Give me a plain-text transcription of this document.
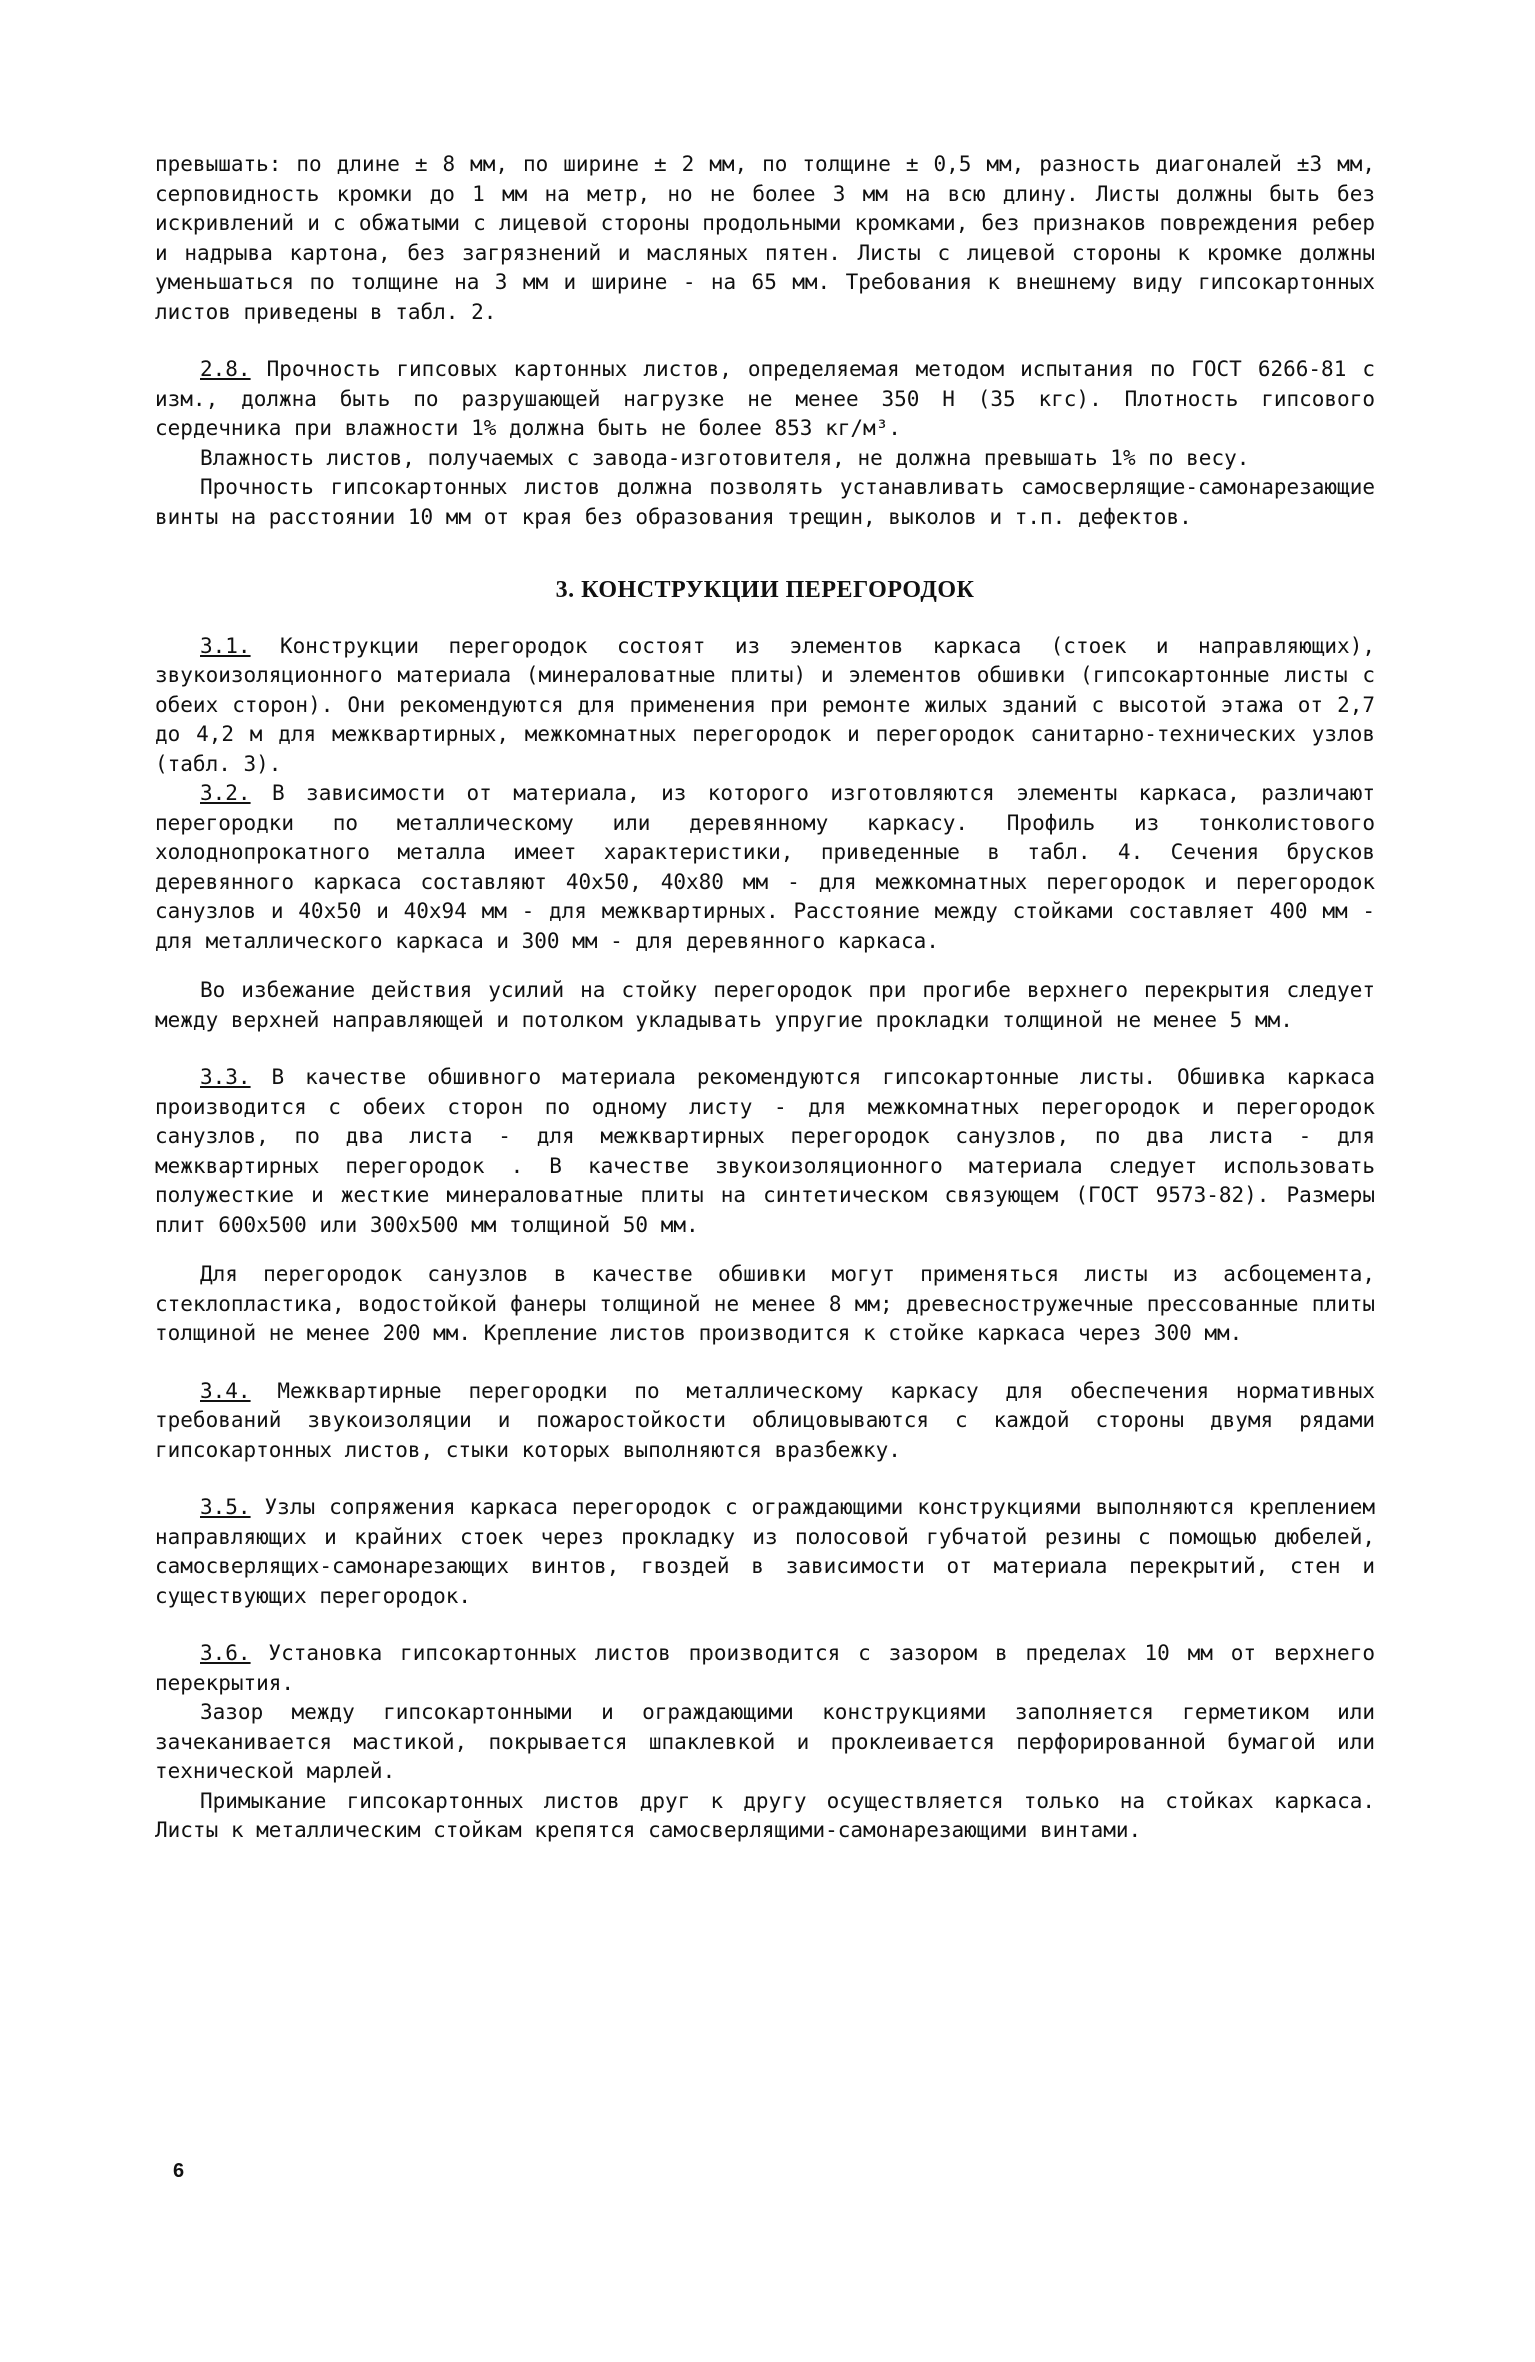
превышать: по длине ± 8 мм, по ширине ± 2 мм, по толщине ± 0,5 мм, разность диагоналей ±3 мм, серповидность кромки до 1 мм на метр, но не более 3 мм на всю длину. Листы должны быть без искривлений и с обжатыми с лицевой стороны продольными кромками, без признаков повреждения ребер и надрыва картона, без загрязнений и масляных пятен. Листы с лицевой стороны к кромке должны уменьшаться по толщине на 3 мм и ширине - на 65 мм. Требования к внешнему виду гипсокартонных листов приведены в табл. 2.

2.8. Прочность гипсовых картонных листов, определяемая методом испытания по ГОСТ 6266-81 с изм., должна быть по разрушающей нагрузке не менее 350 Н (35 кгс). Плотность гипсового сердечника при влажности 1% должна быть не более 853 кг/м³.

Влажность листов, получаемых с завода-изготовителя, не должна превышать 1% по весу.

Прочность гипсокартонных листов должна позволять устанавливать самосверлящие-самонарезающие винты на расстоянии 10 мм от края без образования трещин, выколов и т.п. дефектов.

3. КОНСТРУКЦИИ ПЕРЕГОРОДОК

3.1. Конструкции перегородок состоят из элементов каркаса (стоек и направляющих), звукоизоляционного материала (минераловатные плиты) и элементов обшивки (гипсокартонные листы с обеих сторон). Они рекомендуются для применения при ремонте жилых зданий с высотой этажа от 2,7 до 4,2 м для межквартирных, межкомнатных перегородок и перегородок санитарно-технических узлов (табл. 3).

3.2. В зависимости от материала, из которого изготовляются элементы каркаса, различают перегородки по металлическому или деревянному каркасу. Профиль из тонколистового холоднопрокатного металла имеет характеристики, приведенные в табл. 4. Сечения брусков деревянного каркаса составляют 40х50, 40х80 мм - для межкомнатных перегородок и перегородок санузлов и 40х50 и 40х94 мм - для межквартирных. Расстояние между стойками составляет 400 мм - для металлического каркаса и 300 мм - для деревянного каркаса.

Во избежание действия усилий на стойку перегородок при прогибе верхнего перекрытия следует между верхней направляющей и потолком укладывать упругие прокладки толщиной не менее 5 мм.

3.3. В качестве обшивного материала рекомендуются гипсокартонные листы. Обшивка каркаса производится с обеих сторон по одному листу - для межкомнатных перегородок и перегородок санузлов, по два листа - для межквартирных перегородок санузлов, по два листа - для межквартирных перегородок . В качестве звукоизоляционного материала следует использовать полужесткие и жесткие минераловатные плиты на синтетическом связующем (ГОСТ 9573-82). Размеры плит 600х500 или 300х500 мм толщиной 50 мм.

Для перегородок санузлов в качестве обшивки могут применяться листы из асбоцемента, стеклопластика, водостойкой фанеры толщиной не менее 8 мм; древесностружечные прессованные плиты толщиной не менее 200 мм. Крепление листов производится к стойке каркаса через 300 мм.

3.4. Межквартирные перегородки по металлическому каркасу для обеспечения нормативных требований звукоизоляции и пожаростойкости облицовываются с каждой стороны двумя рядами гипсокартонных листов, стыки которых выполняются вразбежку.

3.5. Узлы сопряжения каркаса перегородок с ограждающими конструкциями выполняются креплением направляющих и крайних стоек через прокладку из полосовой губчатой резины с помощью дюбелей, самосверлящих-самонарезающих винтов, гвоздей в зависимости от материала перекрытий, стен и существующих перегородок.

3.6. Установка гипсокартонных листов производится с зазором в пределах 10 мм от верхнего перекрытия.

Зазор между гипсокартонными и ограждающими конструкциями заполняется герметиком или зачеканивается мастикой, покрывается шпаклевкой и проклеивается перфорированной бумагой или технической марлей.

Примыкание гипсокартонных листов друг к другу осуществляется только на стойках каркаса. Листы к металлическим стойкам крепятся самосверлящими-самонарезающими винтами.

6
